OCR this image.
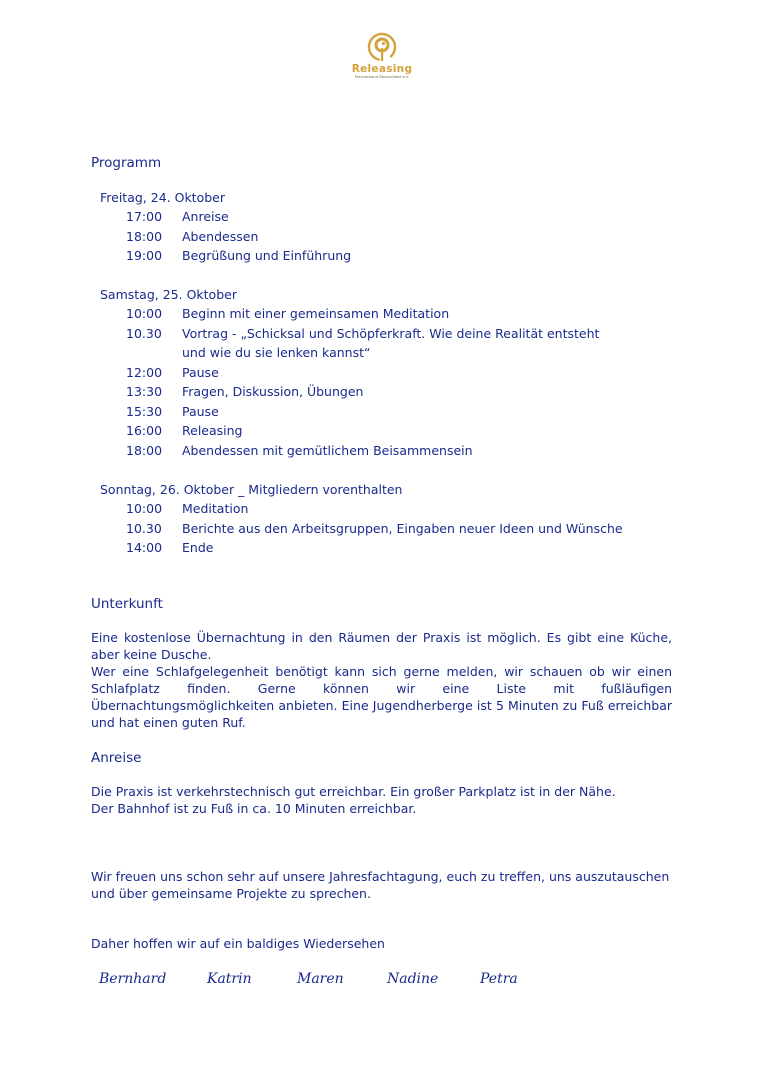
Releasing
Fachverband Deutschland e.V.
Programm
Freitag, 24. Oktober
17:00 Anreise
18:00 Abendessen
19:00 Begrüßung und Einführung
Samstag, 25. Oktober
10:00 Beginn mit einer gemeinsamen Meditation
10.30 Vortrag - „Schicksal und Schöpferkraft. Wie deine Realität entsteht
und wie du sie lenken kannst“
12:00 Pause
13:30 Fragen, Diskussion, Übungen
15:30 Pause
16:00 Releasing
18:00 Abendessen mit gemütlichem Beisammensein
Sonntag, 26. Oktober _ Mitgliedern vorenthalten
10:00 Meditation
10.30 Berichte aus den Arbeitsgruppen, Eingaben neuer Ideen und Wünsche
14:00 Ende
Unterkunft
Eine kostenlose Übernachtung in den Räumen der Praxis ist möglich. Es gibt eine Küche, aber keine Dusche.
Wer eine Schlafgelegenheit benötigt kann sich gerne melden, wir schauen ob wir einen Schlafplatz finden. Gerne können wir eine Liste mit fußläufigen Übernachtungsmöglichkeiten anbieten. Eine Jugendherberge ist 5 Minuten zu Fuß erreichbar und hat einen guten Ruf.
Anreise
Die Praxis ist verkehrstechnisch gut erreichbar. Ein großer Parkplatz ist in der Nähe.
Der Bahnhof ist zu Fuß in ca. 10 Minuten erreichbar.
Wir freuen uns schon sehr auf unsere Jahresfachtagung, euch zu treffen, uns auszutauschen und über gemeinsame Projekte zu sprechen.
Daher hoffen wir auf ein baldiges Wiedersehen
Bernhard	Katrin	Maren	Nadine	Petra
